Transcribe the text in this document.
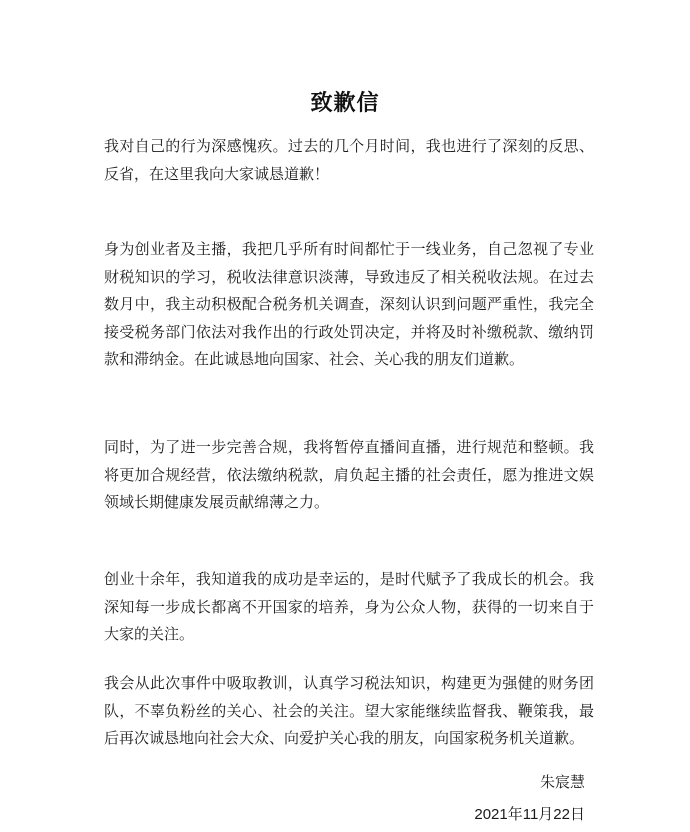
致歉信
我对自己的行为深感愧疚。过去的几个月时间，我也进行了深刻的反思、反省，在这里我向大家诚恳道歉！
身为创业者及主播，我把几乎所有时间都忙于一线业务，自己忽视了专业财税知识的学习，税收法律意识淡薄，导致违反了相关税收法规。在过去数月中，我主动积极配合税务机关调查，深刻认识到问题严重性，我完全接受税务部门依法对我作出的行政处罚决定，并将及时补缴税款、缴纳罚款和滞纳金。在此诚恳地向国家、社会、关心我的朋友们道歉。
同时，为了进一步完善合规，我将暂停直播间直播，进行规范和整顿。我将更加合规经营，依法缴纳税款，肩负起主播的社会责任，愿为推进文娱领域长期健康发展贡献绵薄之力。
创业十余年，我知道我的成功是幸运的，是时代赋予了我成长的机会。我深知每一步成长都离不开国家的培养，身为公众人物，获得的一切来自于大家的关注。
我会从此次事件中吸取教训，认真学习税法知识，构建更为强健的财务团队，不辜负粉丝的关心、社会的关注。望大家能继续监督我、鞭策我，最后再次诚恳地向社会大众、向爱护关心我的朋友，向国家税务机关道歉。
朱宸慧
2021年11月22日
